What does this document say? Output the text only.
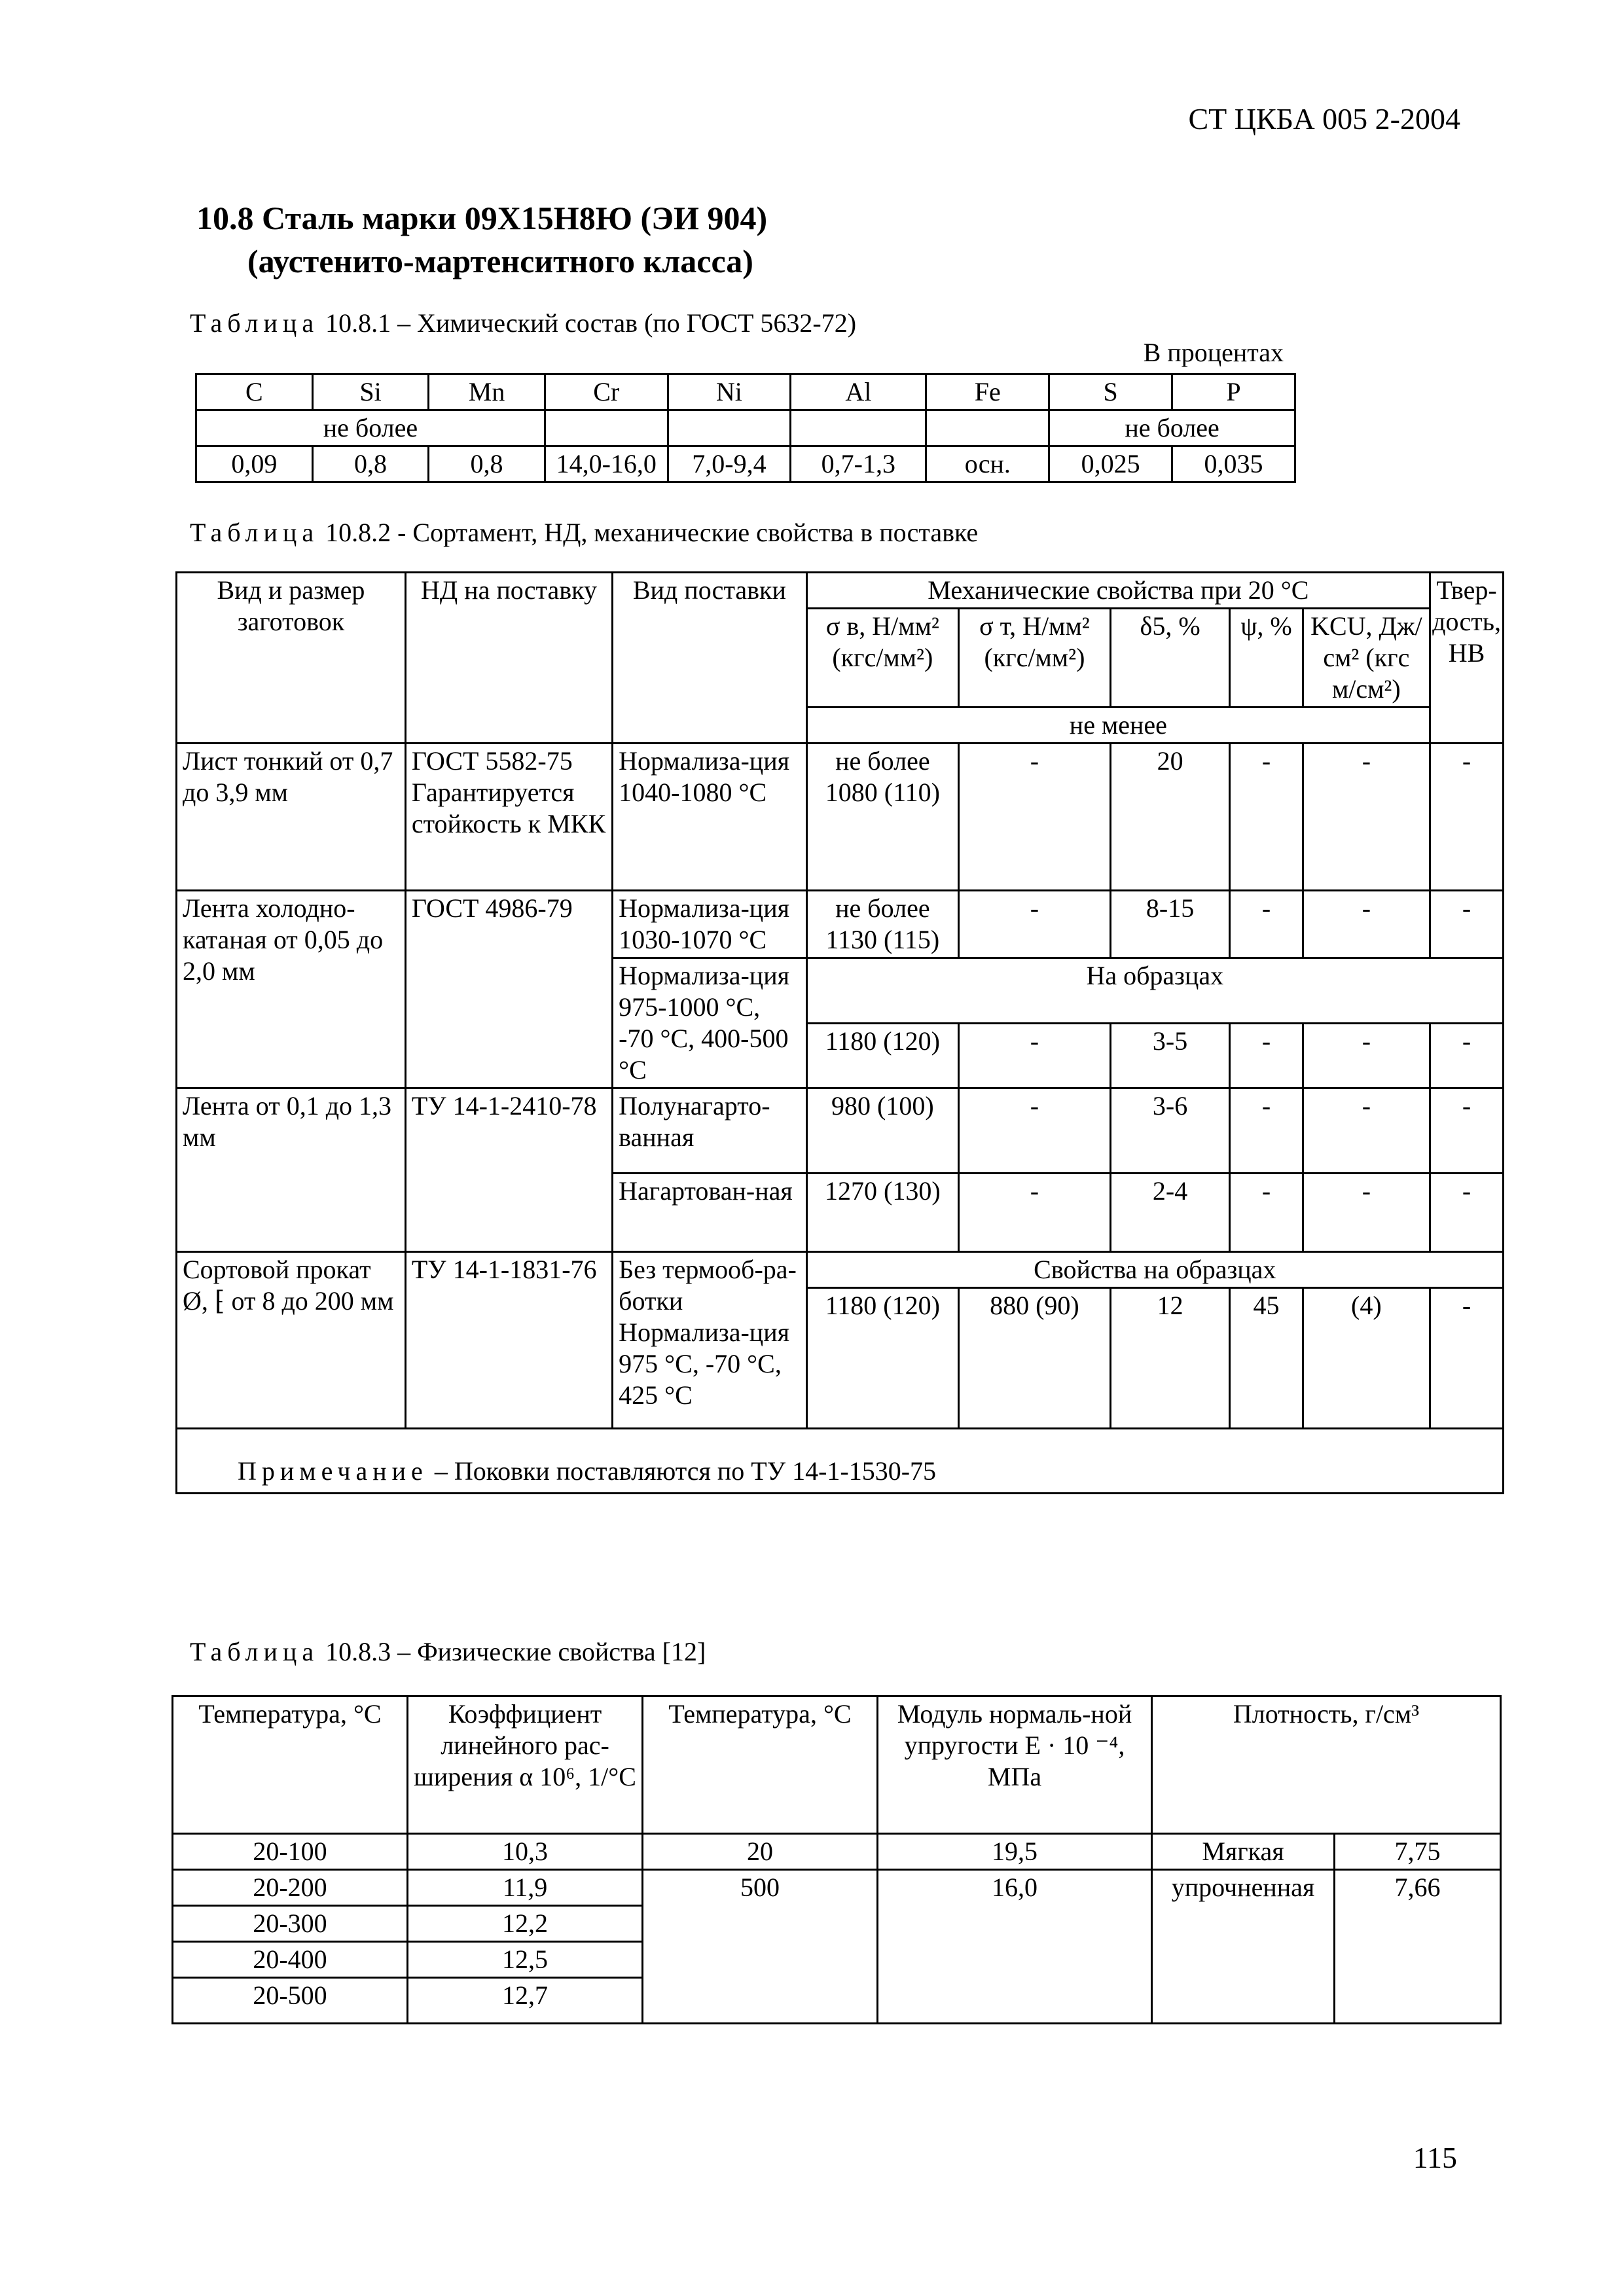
СТ ЦКБА 005 2-2004
10.8 Сталь марки 09Х15Н8Ю (ЭИ 904)
(аустенито-мартенситного класса)
Таблица 10.8.1 – Химический состав (по ГОСТ 5632-72)
В процентах
C	Si	Mn	Cr	Ni	Al	Fe	S	P
не более							не более	
0,09	0,8	0,8	14,0-16,0	7,0-9,4	0,7-1,3	осн.	0,025	0,035
Таблица 10.8.2 - Сортамент, НД, механические свойства в поставке
Вид и размер заготовок	НД на поставку	Вид поставки	Механические свойства при 20 °С					Твер-дость, НВ
			σ в, Н/мм² (кгс/мм²)	σ т, Н/мм² (кгс/мм²)	δ5, %	ψ, %	KCU, Дж/см² (кгс м/см²)	
			не менее					
Лист тонкий от 0,7 до 3,9 мм	ГОСТ 5582-75 Гарантируется стойкость к МКК	Нормализа-ция 1040-1080 °С	не более 1080 (110)	-	20	-	-	-
Лента холодно-катаная от 0,05 до 2,0 мм	ГОСТ 4986-79	Нормализа-ция 1030-1070 °С	не более 1130 (115)	-	8-15	-	-	-
		Нормализа-ция 975-1000 °С, -70 °С, 400-500 °С	На образцах					
			1180 (120)	-	3-5	-	-	-
Лента от 0,1 до 1,3 мм	ТУ 14-1-2410-78	Полунагарто-ванная	980 (100)	-	3-6	-	-	-
		Нагартован-ная	1270 (130)	-	2-4	-	-	-
Сортовой прокат Ø, ⁅ от 8 до 200 мм	ТУ 14-1-1831-76	Без термооб-ра-ботки Нормализа-ция 975 °С, -70 °С, 425 °С	Свойства на образцах					
			1180 (120)	880 (90)	12	45	(4)	-
Примечание – Поковки поставляются по ТУ 14-1-1530-75								
Таблица 10.8.3 – Физические свойства [12]
Температура, °С	Коэффициент линейного рас-ширения α 10⁶, 1/°С	Температура, °С	Модуль нормаль-ной упругости Е · 10 ⁻⁴, МПа	Плотность, г/см³	
20-100	10,3	20	19,5	Мягкая	7,75
20-200	11,9	500	16,0	упрочненная	7,66
20-300	12,2				
20-400	12,5				
20-500	12,7				
115
